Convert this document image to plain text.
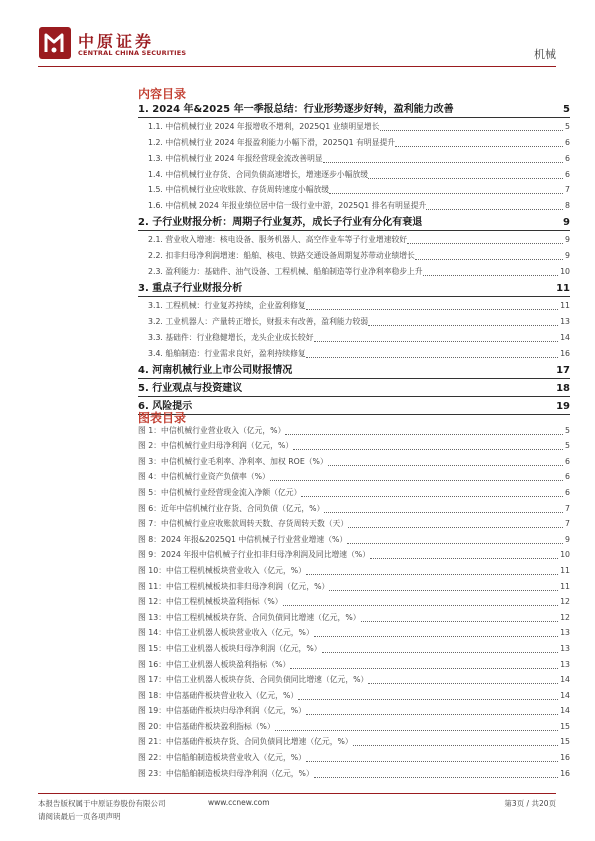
中原证券
CENTRAL CHINA SECURITIES	机械
内容目录
1. 2024 年&2025 年一季报总结：行业形势逐步好转，盈利能力改善	5
1.1. 中信机械行业 2024 年报增收不增利，2025Q1 业绩明显增长	5
1.2. 中信机械行业 2024 年报盈利能力小幅下滑，2025Q1 有明显提升	6
1.3. 中信机械行业 2024 年报经营现金流改善明显	6
1.4. 中信机械行业存货、合同负债高速增长，增速逐步小幅放缓	6
1.5. 中信机械行业应收账款、存货周转速度小幅放缓	7
1.6. 中信机械 2024 年报业绩位居中信一级行业中游，2025Q1 排名有明显提升	8
2. 子行业财报分析：周期子行业复苏，成长子行业有分化有衰退	9
2.1. 营业收入增速：核电设备、服务机器人、高空作业车等子行业增速较好	9
2.2. 扣非归母净利润增速：船舶、核电、铁路交通设备周期复苏带动业绩增长	9
2.3. 盈利能力：基础件、油气设备、工程机械、船舶制造等行业净利率稳步上升	10
3. 重点子行业财报分析	11
3.1. 工程机械：行业复苏持续，企业盈利修复	11
3.2. 工业机器人：产量转正增长，财报未有改善，盈利能力较弱	13
3.3. 基础件：行业稳健增长，龙头企业成长较好	14
3.4. 船舶制造：行业需求良好，盈利持续修复	16
4. 河南机械行业上市公司财报情况	17
5. 行业观点与投资建议	18
6. 风险提示	19
图表目录
图 1：中信机械行业营业收入（亿元，%）	5
图 2：中信机械行业归母净利润（亿元，%）	5
图 3：中信机械行业毛利率、净利率、加权 ROE（%）	6
图 4：中信机械行业资产负债率（%）	6
图 5：中信机械行业经营现金流入净额（亿元）	6
图 6：近年中信机械行业存货、合同负债（亿元，%）	7
图 7：中信机械行业应收账款周转天数、存货周转天数（天）	7
图 8：2024 年报&2025Q1 中信机械子行业营业增速（%）	9
图 9：2024 年报中信机械子行业扣非归母净利润及同比增速（%）	10
图 10：中信工程机械板块营业收入（亿元，%）	11
图 11：中信工程机械板块扣非归母净利润（亿元，%）	11
图 12：中信工程机械板块盈利指标（%）	12
图 13：中信工程机械板块存货、合同负债同比增速（亿元，%）	12
图 14：中信工业机器人板块营业收入（亿元，%）	13
图 15：中信工业机器人板块归母净利润（亿元，%）	13
图 16：中信工业机器人板块盈利指标（%）	13
图 17：中信工业机器人板块存货、合同负债同比增速（亿元，%）	14
图 18：中信基础件板块营业收入（亿元，%）	14
图 19：中信基础件板块归母净利润（亿元，%）	14
图 20：中信基础件板块盈利指标（%）	15
图 21：中信基础件板块存货、合同负债同比增速（亿元，%）	15
图 22：中信船舶制造板块营业收入（亿元，%）	16
图 23：中信船舶制造板块归母净利润（亿元，%）	16
本报告版权属于中原证券股份有限公司	www.ccnew.com	第3页 / 共20页
请阅读最后一页各项声明
